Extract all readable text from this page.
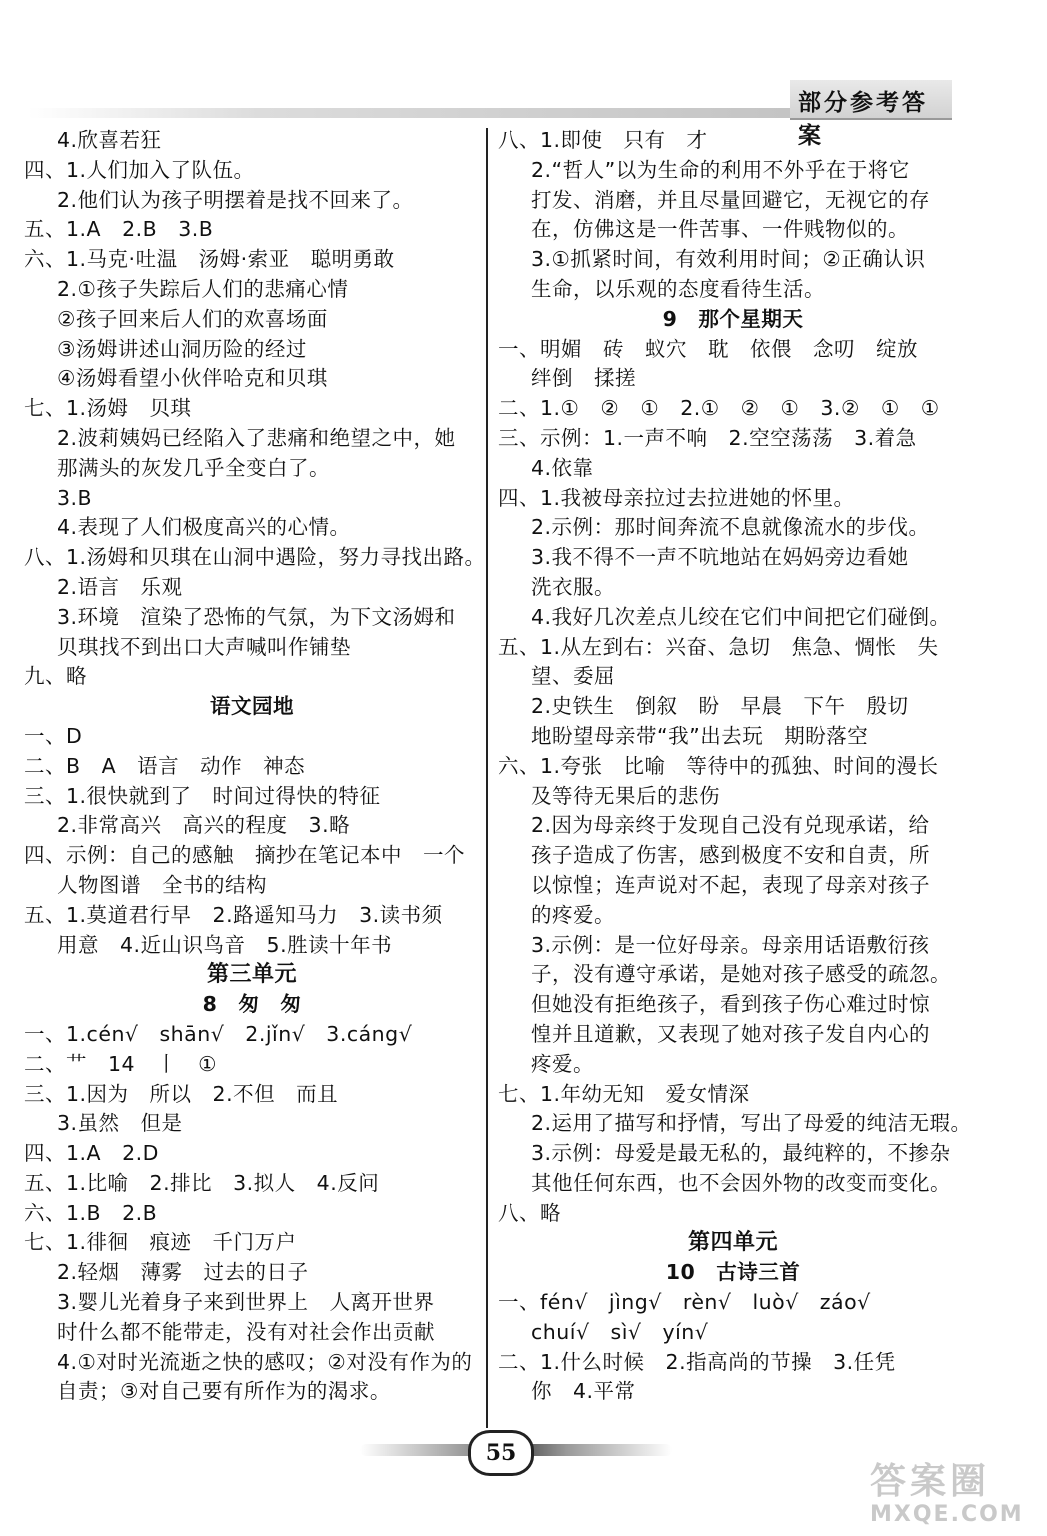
部分参考答案
4.欣喜若狂
四、1.人们加入了队伍。
2.他们认为孩子明摆着是找不回来了。
五、1.A　2.B　3.B
六、1.马克·吐温　汤姆·索亚　聪明勇敢
2.①孩子失踪后人们的悲痛心情
②孩子回来后人们的欢喜场面
③汤姆讲述山洞历险的经过
④汤姆看望小伙伴哈克和贝琪
七、1.汤姆　贝琪
2.波莉姨妈已经陷入了悲痛和绝望之中，她
那满头的灰发几乎全变白了。
3.B
4.表现了人们极度高兴的心情。
八、1.汤姆和贝琪在山洞中遇险，努力寻找出路。
2.语言　乐观
3.环境　渲染了恐怖的气氛，为下文汤姆和
贝琪找不到出口大声喊叫作铺垫
九、略
语文园地
一、D
二、B　A　语言　动作　神态
三、1.很快就到了　时间过得快的特征
2.非常高兴　高兴的程度　3.略
四、示例：自己的感触　摘抄在笔记本中　一个
人物图谱　全书的结构
五、1.莫道君行早　2.路遥知马力　3.读书须
用意　4.近山识鸟音　5.胜读十年书
第三单元
8　匆　匆
一、1.cén√　shān√　2.jǐn√　3.cáng√
二、艹　14　丨　①
三、1.因为　所以　2.不但　而且
3.虽然　但是
四、1.A　2.D
五、1.比喻　2.排比　3.拟人　4.反问
六、1.B　2.B
七、1.徘徊　痕迹　千门万户
2.轻烟　薄雾　过去的日子
3.婴儿光着身子来到世界上　人离开世界
时什么都不能带走，没有对社会作出贡献
4.①对时光流逝之快的感叹；②对没有作为的
自责；③对自己要有所作为的渴求。
八、1.即使　只有　才
2.“哲人”以为生命的利用不外乎在于将它
打发、消磨，并且尽量回避它，无视它的存
在，仿佛这是一件苦事、一件贱物似的。
3.①抓紧时间，有效利用时间；②正确认识
生命，以乐观的态度看待生活。
9　那个星期天
一、明媚　砖　蚁穴　耽　依偎　念叨　绽放
绊倒　揉搓
二、1.①　②　①　2.①　②　①　3.②　①　①
三、示例：1.一声不响　2.空空荡荡　3.着急
4.依靠
四、1.我被母亲拉过去拉进她的怀里。
2.示例：那时间奔流不息就像流水的步伐。
3.我不得不一声不吭地站在妈妈旁边看她
洗衣服。
4.我好几次差点儿绞在它们中间把它们碰倒。
五、1.从左到右：兴奋、急切　焦急、惆怅　失
望、委屈
2.史铁生　倒叙　盼　早晨　下午　殷切
地盼望母亲带“我”出去玩　期盼落空
六、1.夸张　比喻　等待中的孤独、时间的漫长
及等待无果后的悲伤
2.因为母亲终于发现自己没有兑现承诺，给
孩子造成了伤害，感到极度不安和自责，所
以惊惶；连声说对不起，表现了母亲对孩子
的疼爱。
3.示例：是一位好母亲。母亲用话语敷衍孩
子，没有遵守承诺，是她对孩子感受的疏忽。
但她没有拒绝孩子，看到孩子伤心难过时惊
惶并且道歉，又表现了她对孩子发自内心的
疼爱。
七、1.年幼无知　爱女情深
2.运用了描写和抒情，写出了母爱的纯洁无瑕。
3.示例：母爱是最无私的，最纯粹的，不掺杂
其他任何东西，也不会因外物的改变而变化。
八、略
第四单元
10　古诗三首
一、fén√　jìng√　rèn√　luò√　záo√
chuí√　sì√　yín√
二、1.什么时候　2.指高尚的节操　3.任凭
你　4.平常
55
答案圈
MXQE.COM
